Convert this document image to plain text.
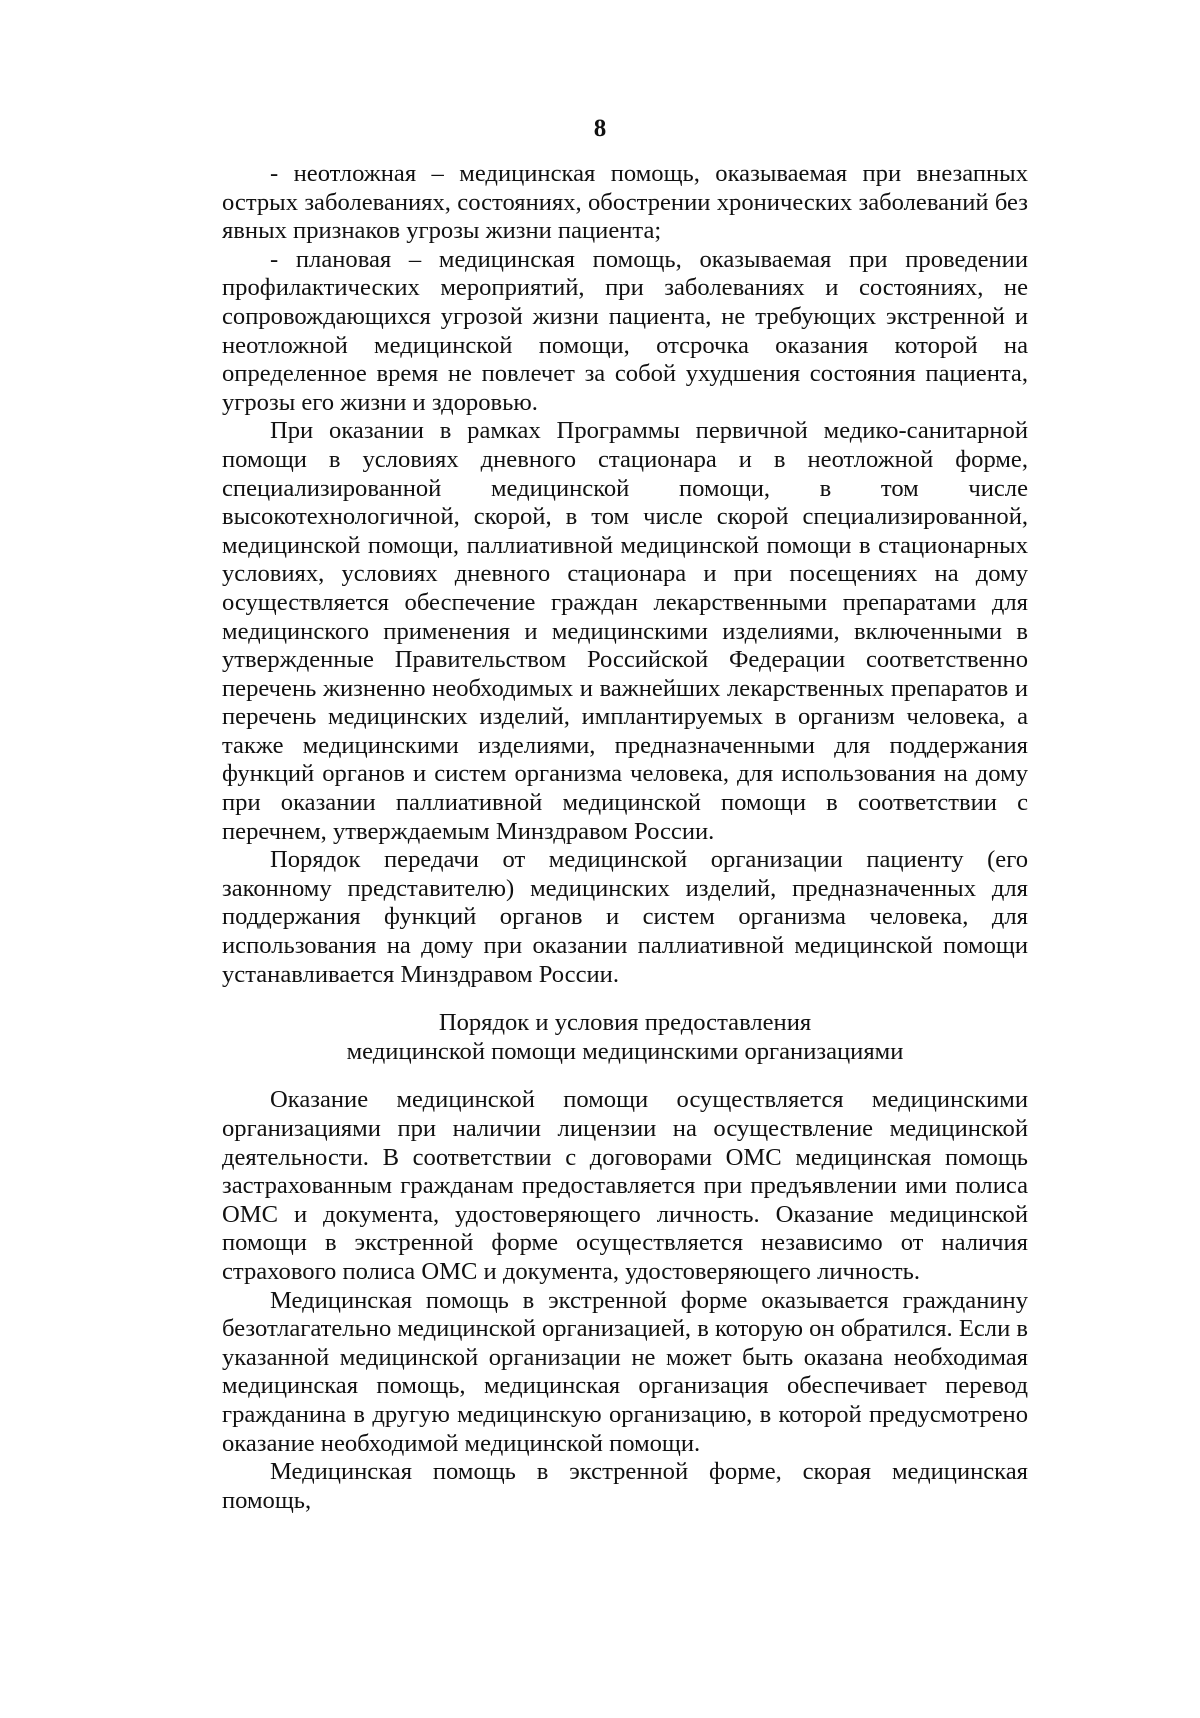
8

- неотложная – медицинская помощь, оказываемая при внезапных острых заболеваниях, состояниях, обострении хронических заболеваний без явных признаков угрозы жизни пациента;

- плановая – медицинская помощь, оказываемая при проведении профилактических мероприятий, при заболеваниях и состояниях, не сопровождающихся угрозой жизни пациента, не требующих экстренной и неотложной медицинской помощи, отсрочка оказания которой на определенное время не повлечет за собой ухудшения состояния пациента, угрозы его жизни и здоровью.

При оказании в рамках Программы первичной медико-санитарной помощи в условиях дневного стационара и в неотложной форме, специализированной медицинской помощи, в том числе высокотехнологичной, скорой, в том числе скорой специализированной, медицинской помощи, паллиативной медицинской помощи в стационарных условиях, условиях дневного стационара и при посещениях на дому осуществляется обеспечение граждан лекарственными препаратами для медицинского применения и медицинскими изделиями, включенными в утвержденные Правительством Российской Федерации соответственно перечень жизненно необходимых и важнейших лекарственных препаратов и перечень медицинских изделий, имплантируемых в организм человека, а также медицинскими изделиями, предназначенными для поддержания функций органов и систем организма человека, для использования на дому при оказании паллиативной медицинской помощи в соответствии с перечнем, утверждаемым Минздравом России.

Порядок передачи от медицинской организации пациенту (его законному представителю) медицинских изделий, предназначенных для поддержания функций органов и систем организма человека, для использования на дому при оказании паллиативной медицинской помощи устанавливается Минздравом России.

Порядок и условия предоставления
медицинской помощи медицинскими организациями

Оказание медицинской помощи осуществляется медицинскими организациями при наличии лицензии на осуществление медицинской деятельности. В соответствии с договорами ОМС медицинская помощь застрахованным гражданам предоставляется при предъявлении ими полиса ОМС и документа, удостоверяющего личность. Оказание медицинской помощи в экстренной форме осуществляется независимо от наличия страхового полиса ОМС и документа, удостоверяющего личность.

Медицинская помощь в экстренной форме оказывается гражданину безотлагательно медицинской организацией, в которую он обратился. Если в указанной медицинской организации не может быть оказана необходимая медицинская помощь, медицинская организация обеспечивает перевод гражданина в другую медицинскую организацию, в которой предусмотрено оказание необходимой медицинской помощи.

Медицинская помощь в экстренной форме, скорая медицинская помощь,
